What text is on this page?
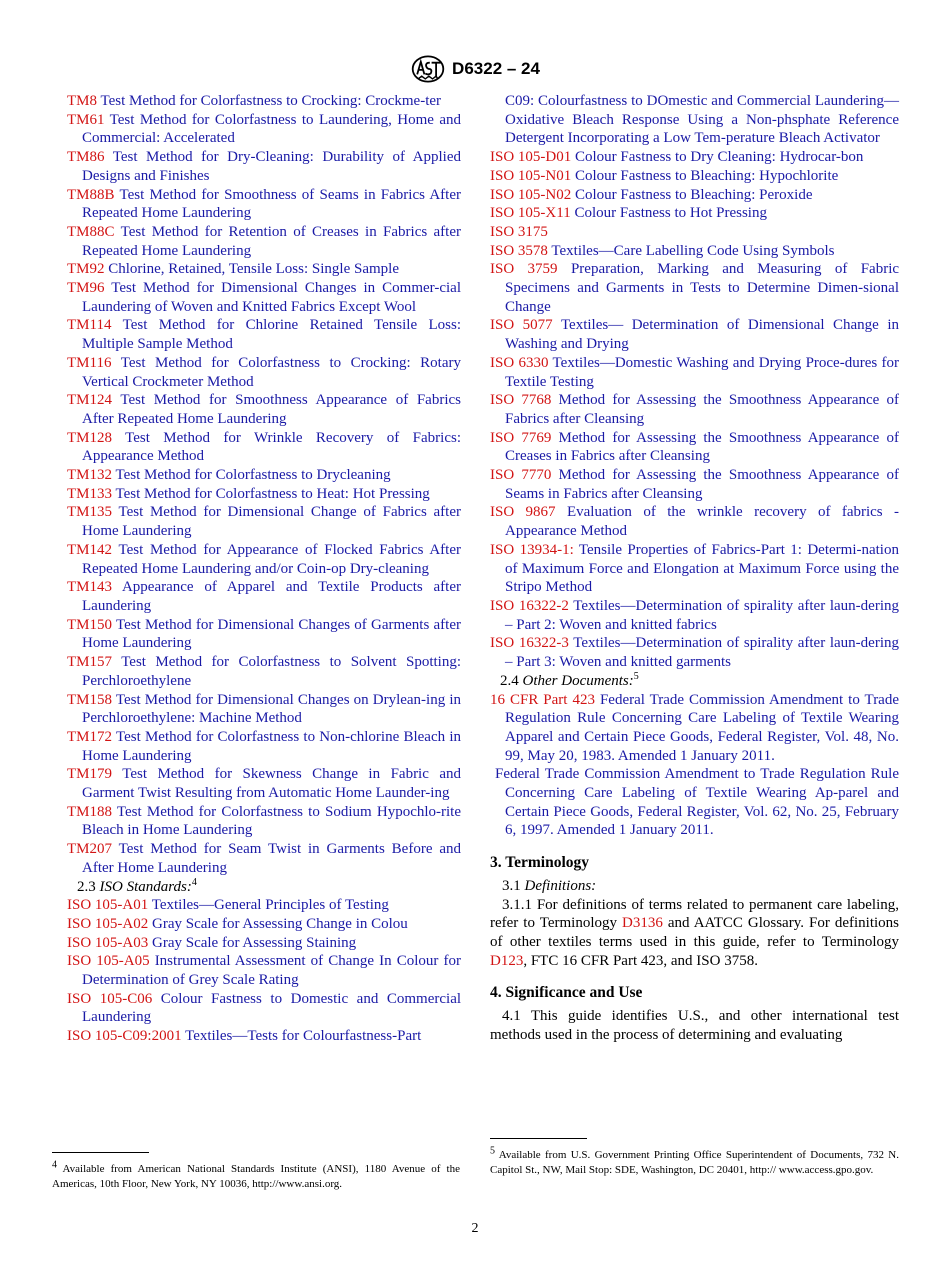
D6322 – 24
TM8 Test Method for Colorfastness to Crocking: Crockme-ter
TM61 Test Method for Colorfastness to Laundering, Home and Commercial: Accelerated
TM86 Test Method for Dry-Cleaning: Durability of Applied Designs and Finishes
TM88B Test Method for Smoothness of Seams in Fabrics After Repeated Home Laundering
TM88C Test Method for Retention of Creases in Fabrics after Repeated Home Laundering
TM92Chlorine, Retained, Tensile Loss: Single Sample
TM96 Test Method for Dimensional Changes in Commer-cial Laundering of Woven and Knitted Fabrics Except Wool
TM114 Test Method for Chlorine Retained Tensile Loss: Multiple Sample Method
TM116 Test Method for Colorfastness to Crocking: Rotary Vertical Crockmeter Method
TM124 Test Method for Smoothness Appearance of Fabrics After Repeated Home Laundering
TM128 Test Method for Wrinkle Recovery of Fabrics: Appearance Method
TM132 Test Method for Colorfastness to Drycleaning
TM133 Test Method for Colorfastness to Heat: Hot Pressing
TM135 Test Method for Dimensional Change of Fabrics after Home Laundering
TM142 Test Method for Appearance of Flocked Fabrics After Repeated Home Laundering and/or Coin-op Dry-cleaning
TM143 Appearance of Apparel and Textile Products after Laundering
TM150 Test Method for Dimensional Changes of Garments after Home Laundering
TM157 Test Method for Colorfastness to Solvent Spotting: Perchloroethylene
TM158 Test Method for Dimensional Changes on Drylean-ing in Perchloroethylene: Machine Method
TM172 Test Method for Colorfastness to Non-chlorine Bleach in Home Laundering
TM179 Test Method for Skewness Change in Fabric and Garment Twist Resulting from Automatic Home Launder-ing
TM188 Test Method for Colorfastness to Sodium Hypochlo-rite Bleach in Home Laundering
TM207 Test Method for Seam Twist in Garments Before and After Home Laundering
2.3 ISO Standards:$^4$
ISO 105-A01 Textiles—General Principles of Testing
ISO 105-A02 Gray Scale for Assessing Change in Colou
ISO 105-A03 Gray Scale for Assessing Staining
ISO 105-A05 Instrumental Assessment of Change In Colour for Determination of Grey Scale Rating
ISO 105-C06 Colour Fastness to Domestic and Commercial Laundering
ISO 105-C09:2001 Textiles—Tests for Colourfastness-Part
C09: Colourfastness to DOmestic and Commercial Laundering—Oxidative Bleach Response Using a Non-phsphate Reference Detergent Incorporating a Low Tem-perature Bleach Activator
ISO 105-D01 Colour Fastness to Dry Cleaning: Hydrocar-bon
ISO 105-N01 Colour Fastness to Bleaching: Hypochlorite
ISO 105-N02 Colour Fastness to Bleaching: Peroxide
ISO 105-X11 Colour Fastness to Hot Pressing
ISO 3175
ISO 3578 Textiles—Care Labelling Code Using Symbols
ISO 3759 Preparation, Marking and Measuring of Fabric Specimens and Garments in Tests to Determine Dimen-sional Change
ISO 5077 Textiles— Determination of Dimensional Change in Washing and Drying
ISO 6330 Textiles—Domestic Washing and Drying Proce-dures for Textile Testing
ISO 7768 Method for Assessing the Smoothness Appearance of Fabrics after Cleansing
ISO 7769 Method for Assessing the Smoothness Appearance of Creases in Fabrics after Cleansing
ISO 7770 Method for Assessing the Smoothness Appearance of Seams in Fabrics after Cleansing
ISO 9867 Evaluation of the wrinkle recovery of fabrics - Appearance Method
ISO 13934-1: Tensile Properties of Fabrics-Part 1: Determi-nation of Maximum Force and Elongation at Maximum Force using the Stripo Method
ISO 16322-2 Textiles—Determination of spirality after laun-dering – Part 2: Woven and knitted fabrics
ISO 16322-3 Textiles—Determination of spirality after laun-dering – Part 3: Woven and knitted garments
2.4 Other Documents:$^5$
16 CFR Part 423 Federal Trade Commission Amendment to Trade Regulation Rule Concerning Care Labeling of Textile Wearing Apparel and Certain Piece Goods, Federal Register, Vol. 48, No. 99, May 20, 1983. Amended 1 January 2011.
Federal Trade Commission Amendment to Trade Regulation Rule Concerning Care Labeling of Textile Wearing Ap-parel and Certain Piece Goods, Federal Register, Vol. 62, No. 25, February 6, 1997. Amended 1 January 2011.
3. Terminology
3.1 Definitions:
3.1.1 For definitions of terms related to permanent care labeling, refer to Terminology D3136 and AATCC Glossary. For definitions of other textiles terms used in this guide, refer to Terminology D123, FTC 16 CFR Part 423, and ISO 3758.
4. Significance and Use
4.1 This guide identifies U.S., and other international test methods used in the process of determining and evaluating
4 Available from American National Standards Institute (ANSI), 1180 Avenue of the Americas, 10th Floor, New York, NY 10036, http://www.ansi.org.
5 Available from U.S. Government Printing Office Superintendent of Documents, 732 N. Capitol St., NW, Mail Stop: SDE, Washington, DC 20401, http:// www.access.gpo.gov.
2
